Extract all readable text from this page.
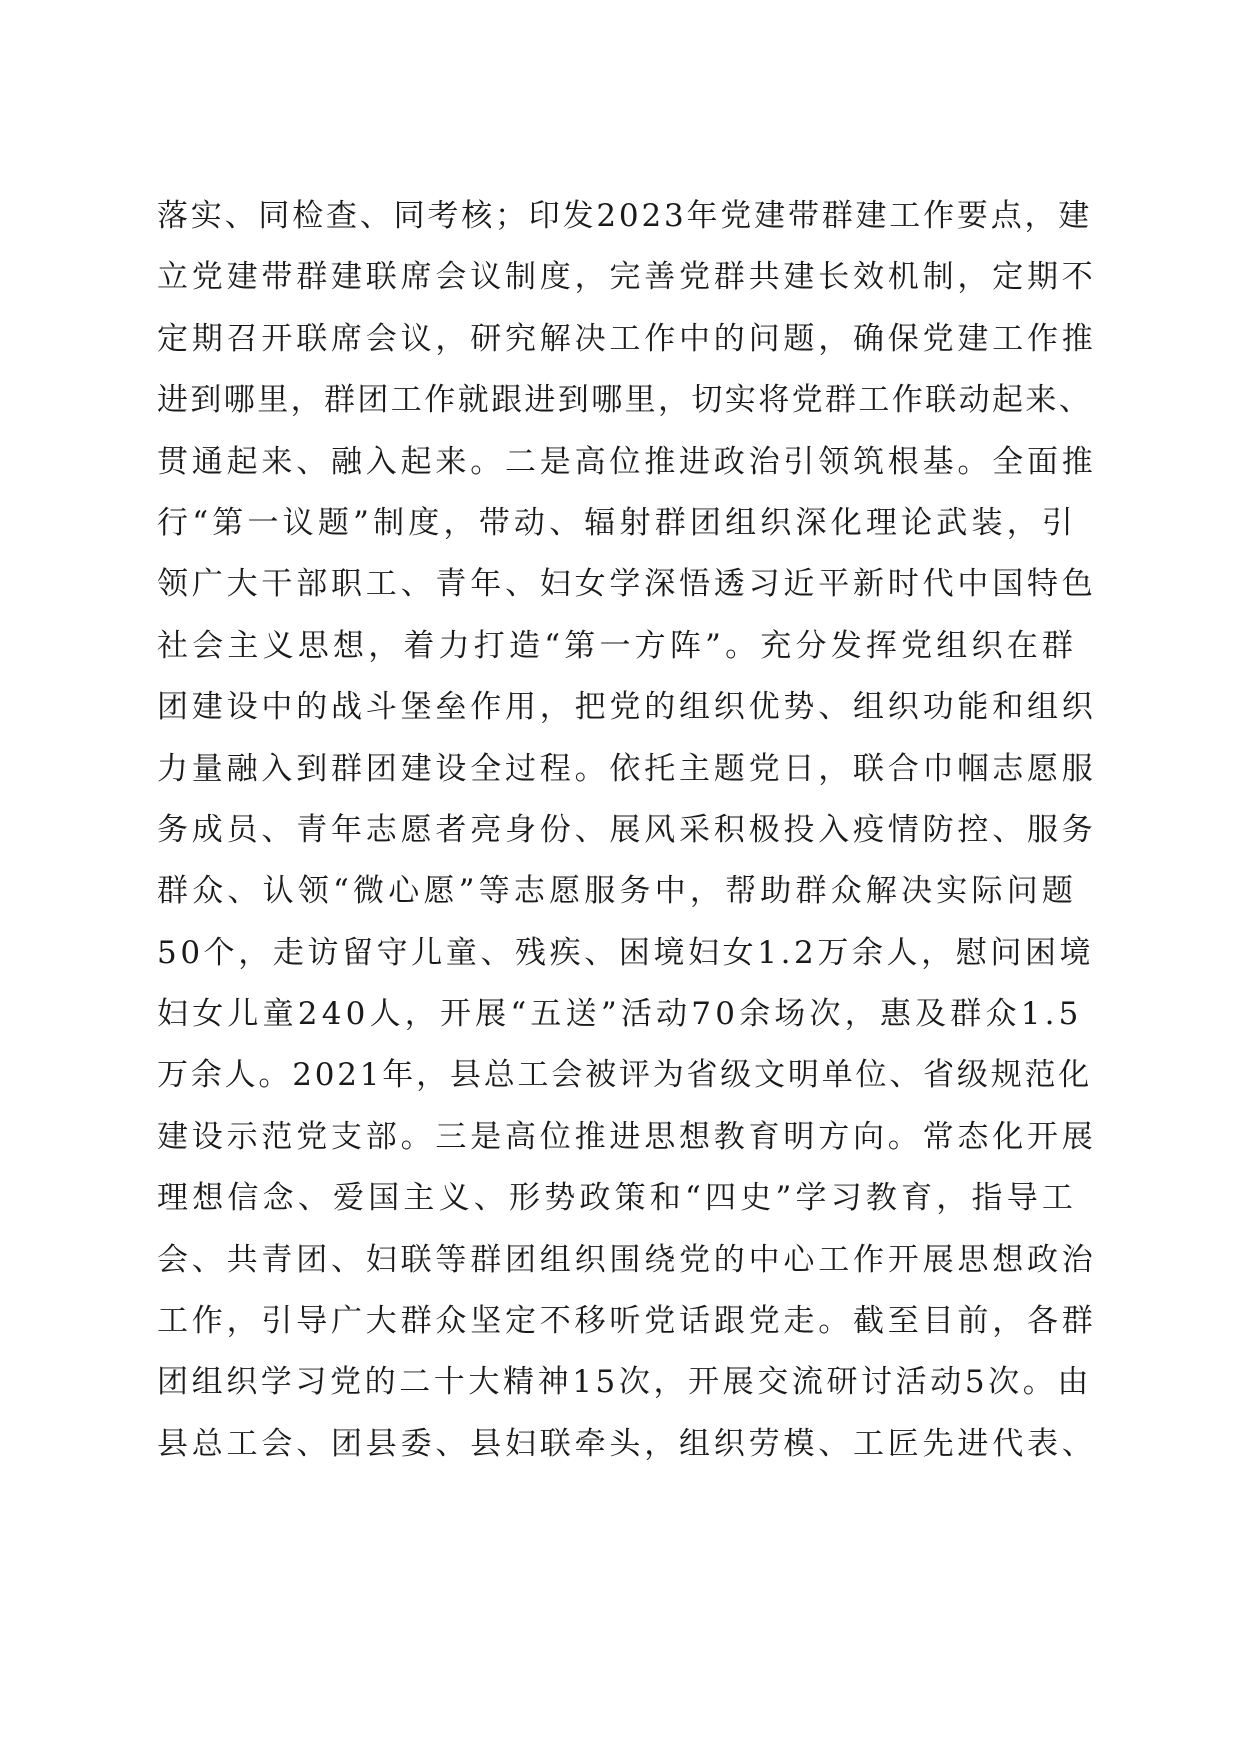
落实、同检查、同考核；印发2023年党建带群建工作要点，建
立党建带群建联席会议制度，完善党群共建长效机制，定期不
定期召开联席会议，研究解决工作中的问题，确保党建工作推
进到哪里，群团工作就跟进到哪里，切实将党群工作联动起来、
贯通起来、融入起来。二是高位推进政治引领筑根基。全面推
行“第一议题”制度，带动、辐射群团组织深化理论武装，引
领广大干部职工、青年、妇女学深悟透习近平新时代中国特色
社会主义思想，着力打造“第一方阵”。充分发挥党组织在群
团建设中的战斗堡垒作用，把党的组织优势、组织功能和组织
力量融入到群团建设全过程。依托主题党日，联合巾帼志愿服
务成员、青年志愿者亮身份、展风采积极投入疫情防控、服务
群众、认领“微心愿”等志愿服务中，帮助群众解决实际问题
50个，走访留守儿童、残疾、困境妇女1.2万余人，慰问困境
妇女儿童240人，开展“五送”活动70余场次，惠及群众1.5
万余人。2021年，县总工会被评为省级文明单位、省级规范化
建设示范党支部。三是高位推进思想教育明方向。常态化开展
理想信念、爱国主义、形势政策和“四史”学习教育，指导工
会、共青团、妇联等群团组织围绕党的中心工作开展思想政治
工作，引导广大群众坚定不移听党话跟党走。截至目前，各群
团组织学习党的二十大精神15次，开展交流研讨活动5次。由
县总工会、团县委、县妇联牵头，组织劳模、工匠先进代表、
